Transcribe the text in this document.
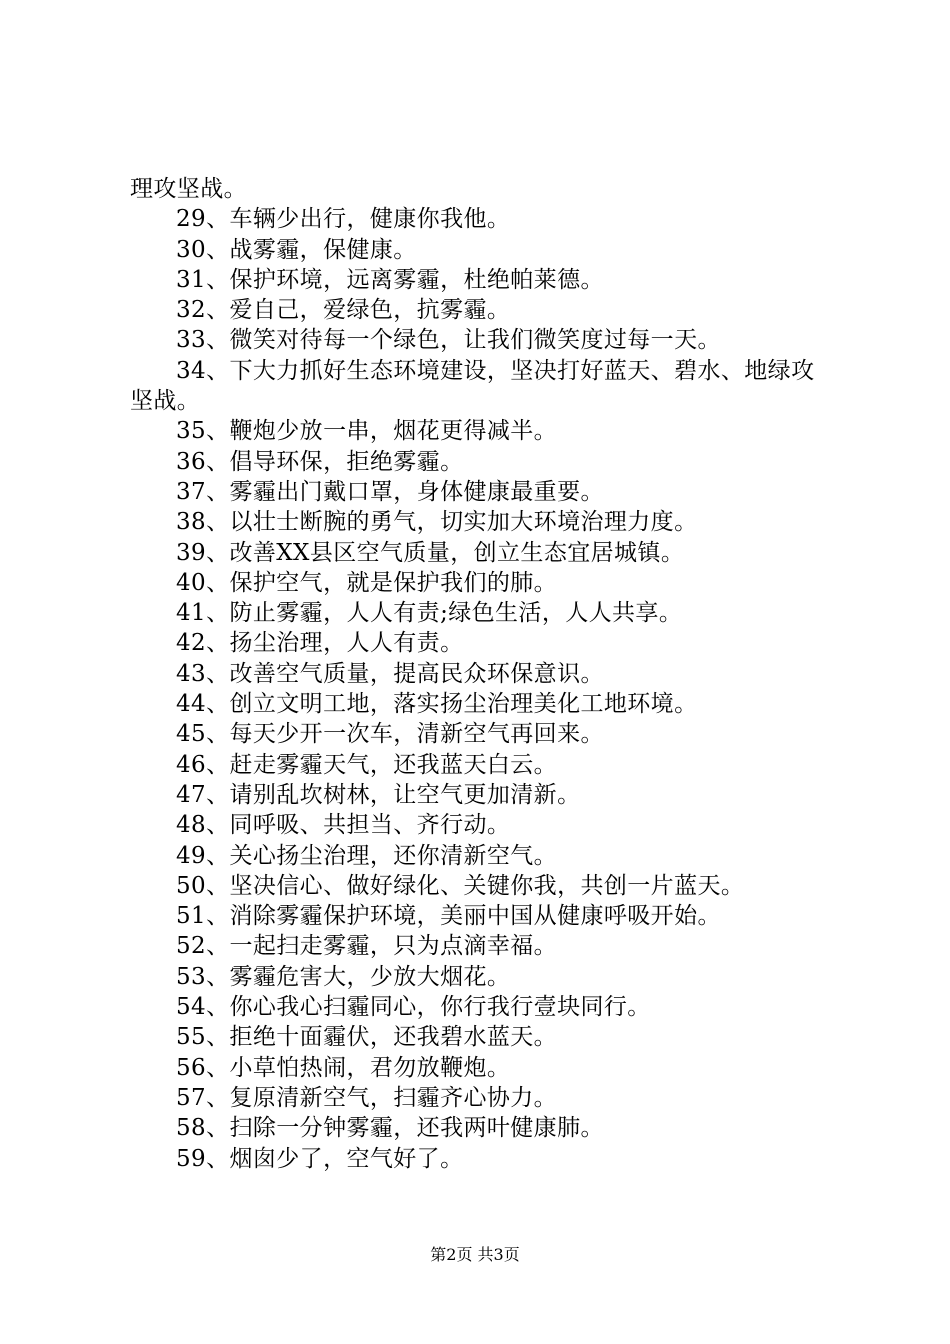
理攻坚战。
29、车辆少出行，健康你我他。
30、战雾霾，保健康。
31、保护环境，远离雾霾，杜绝帕莱德。
32、爱自己，爱绿色，抗雾霾。
33、微笑对待每一个绿色，让我们微笑度过每一天。
34、下大力抓好生态环境建设，坚决打好蓝天、碧水、地绿攻坚战。
35、鞭炮少放一串，烟花更得减半。
36、倡导环保，拒绝雾霾。
37、雾霾出门戴口罩，身体健康最重要。
38、以壮士断腕的勇气，切实加大环境治理力度。
39、改善XX县区空气质量，创立生态宜居城镇。
40、保护空气，就是保护我们的肺。
41、防止雾霾，人人有责;绿色生活，人人共享。
42、扬尘治理，人人有责。
43、改善空气质量，提高民众环保意识。
44、创立文明工地，落实扬尘治理美化工地环境。
45、每天少开一次车，清新空气再回来。
46、赶走雾霾天气，还我蓝天白云。
47、请别乱坎树林，让空气更加清新。
48、同呼吸、共担当、齐行动。
49、关心扬尘治理，还你清新空气。
50、坚决信心、做好绿化、关键你我，共创一片蓝天。
51、消除雾霾保护环境，美丽中国从健康呼吸开始。
52、一起扫走雾霾，只为点滴幸福。
53、雾霾危害大，少放大烟花。
54、你心我心扫霾同心，你行我行壹块同行。
55、拒绝十面霾伏，还我碧水蓝天。
56、小草怕热闹，君勿放鞭炮。
57、复原清新空气，扫霾齐心协力。
58、扫除一分钟雾霾，还我两叶健康肺。
59、烟囱少了，空气好了。
第2页 共3页
